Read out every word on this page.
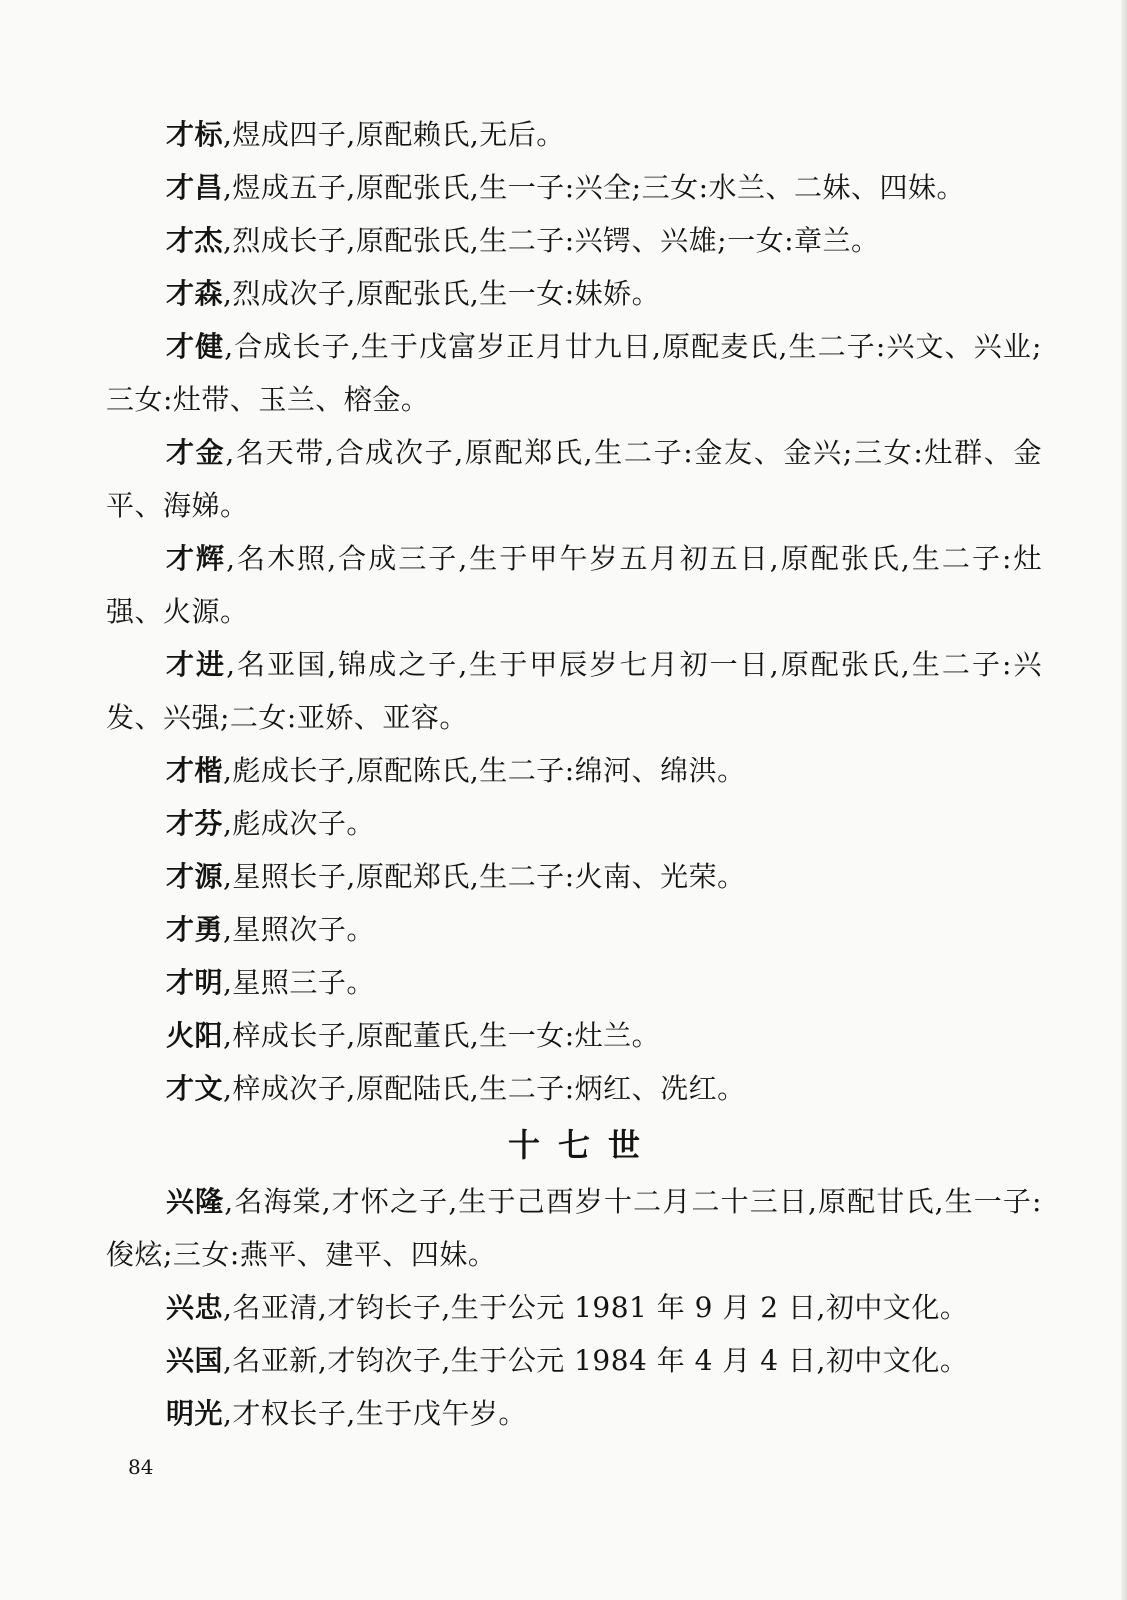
才标,煜成四子,原配赖氏,无后。

才昌,煜成五子,原配张氏,生一子:兴全;三女:水兰、二妹、四妹。

才杰,烈成长子,原配张氏,生二子:兴锷、兴雄;一女:章兰。

才森,烈成次子,原配张氏,生一女:妹娇。

才健,合成长子,生于戊富岁正月廿九日,原配麦氏,生二子:兴文、兴业;三女:灶带、玉兰、榕金。

才金,名天带,合成次子,原配郑氏,生二子:金友、金兴;三女:灶群、金平、海娣。

才辉,名木照,合成三子,生于甲午岁五月初五日,原配张氏,生二子:灶强、火源。

才进,名亚国,锦成之子,生于甲辰岁七月初一日,原配张氏,生二子:兴发、兴强;二女:亚娇、亚容。

才楷,彪成长子,原配陈氏,生二子:绵河、绵洪。

才芬,彪成次子。

才源,星照长子,原配郑氏,生二子:火南、光荣。

才勇,星照次子。

才明,星照三子。

火阳,梓成长子,原配董氏,生一女:灶兰。

才文,梓成次子,原配陆氏,生二子:炳红、冼红。

十七世

兴隆,名海棠,才怀之子,生于己酉岁十二月二十三日,原配甘氏,生一子:俊炫;三女:燕平、建平、四妹。

兴忠,名亚清,才钧长子,生于公元 1981 年 9 月 2 日,初中文化。

兴国,名亚新,才钧次子,生于公元 1984 年 4 月 4 日,初中文化。

明光,才权长子,生于戊午岁。

84
